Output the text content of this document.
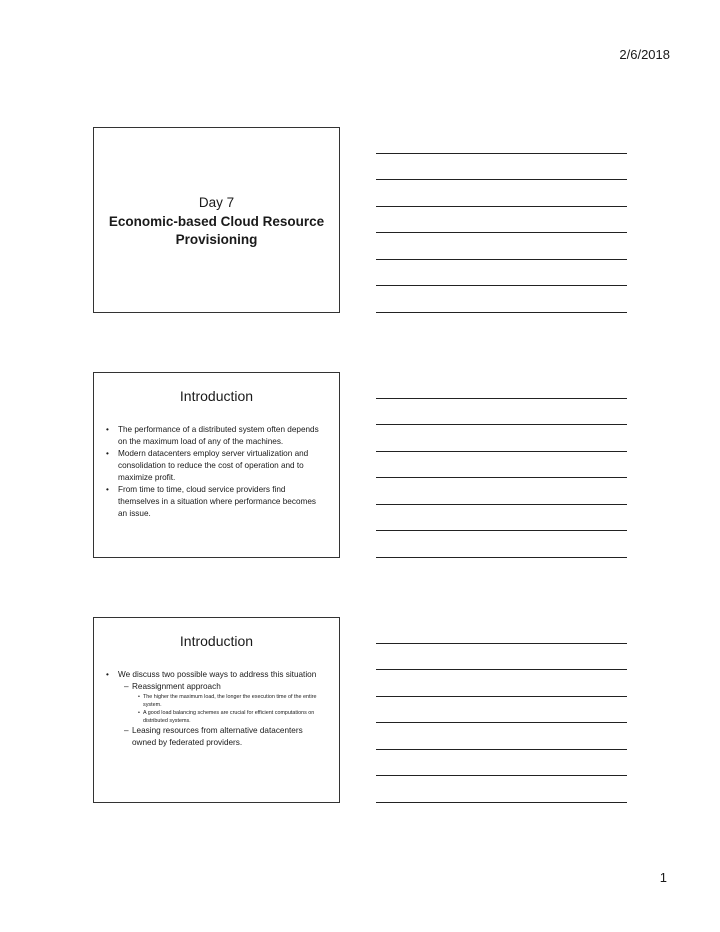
2/6/2018
Day 7
Economic-based Cloud Resource
Provisioning
Introduction
• The performance of a distributed system often depends on the maximum load of any of the machines.
• Modern datacenters employ server virtualization and consolidation to reduce the cost of operation and to maximize profit.
• From time to time, cloud service providers find themselves in a situation where performance becomes an issue.
Introduction
• We discuss two possible ways to address this situation
– Reassignment approach
• The higher the maximum load, the longer the execution time of the entire system.
• A good load balancing schemes are crucial for efficient computations on distributed systems.
– Leasing resources from alternative datacenters owned by federated providers.
1
